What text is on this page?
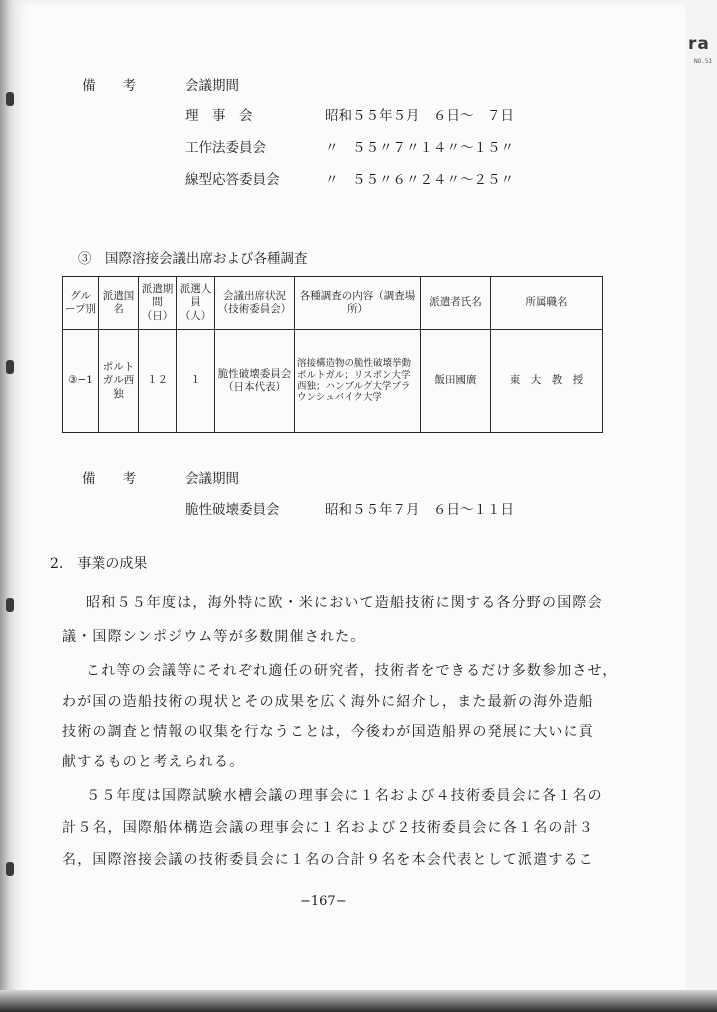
ra
NO.51
備　　考	会議期間
理　事　会	昭和５５年５月　６日〜　７日
工作法委員会	〃　５５〃７〃１４〃〜１５〃
線型応答委員会	〃　５５〃６〃２４〃〜２５〃
③　国際溶接会議出席および各種調査
グループ別	派遣国名	派遣期間（日）	派選人員（人）	会議出席状況（技術委員会）	各種調査の内容（調査場所）	派遣者氏名	所属職名
③−1	ポルトガル西独	１２	１	脆性破壊委員会（日本代表）	溶接構造物の脆性破壊挙動
ポルトガル；リスボン大学
西独；ハンブルグ大学ブラウンシュバイク大学	飯田國廣	東　大　教　授
備　　考	会議期間
脆性破壊委員会	昭和５５年７月　６日〜１１日
2.　事業の成果
昭和５５年度は，海外特に欧・米において造船技術に関する各分野の国際会
議・国際シンポジウム等が多数開催された。
これ等の会議等にそれぞれ適任の研究者，技術者をできるだけ多数参加させ，
わが国の造船技術の現状とその成果を広く海外に紹介し，また最新の海外造船
技術の調査と情報の収集を行なうことは，今後わが国造船界の発展に大いに貢
献するものと考えられる。
５５年度は国際試験水槽会議の理事会に１名および４技術委員会に各１名の
計５名，国際船体構造会議の理事会に１名および２技術委員会に各１名の計３
名，国際溶接会議の技術委員会に１名の合計９名を本会代表として派遣するこ
−167−
